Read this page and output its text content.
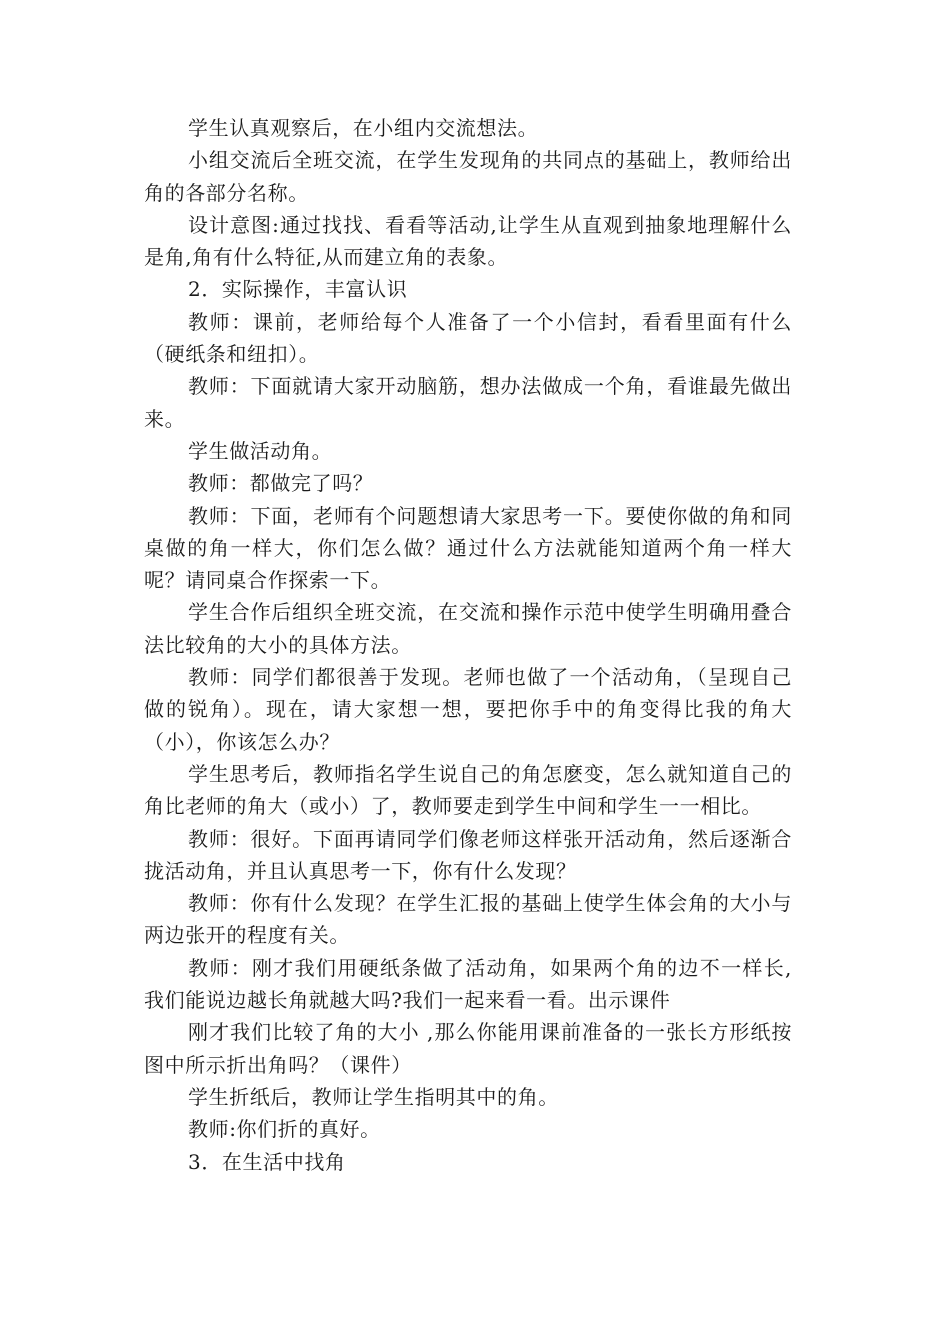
学生认真观察后，在小组内交流想法。

小组交流后全班交流，在学生发现角的共同点的基础上，教师给出角的各部分名称。

设计意图:通过找找、看看等活动,让学生从直观到抽象地理解什么是角,角有什么特征,从而建立角的表象。

2．实际操作，丰富认识

教师：课前，老师给每个人准备了一个小信封，看看里面有什么（硬纸条和纽扣）。

教师：下面就请大家开动脑筋，想办法做成一个角，看谁最先做出来。

学生做活动角。

教师：都做完了吗？

教师：下面，老师有个问题想请大家思考一下。要使你做的角和同桌做的角一样大，你们怎么做？通过什么方法就能知道两个角一样大呢？请同桌合作探索一下。

学生合作后组织全班交流，在交流和操作示范中使学生明确用叠合法比较角的大小的具体方法。

教师：同学们都很善于发现。老师也做了一个活动角，（呈现自己做的锐角）。现在，请大家想一想，要把你手中的角变得比我的角大（小），你该怎么办？

学生思考后，教师指名学生说自己的角怎麽变，怎么就知道自己的角比老师的角大（或小）了，教师要走到学生中间和学生一一相比。

教师：很好。下面再请同学们像老师这样张开活动角，然后逐渐合拢活动角，并且认真思考一下，你有什么发现？

教师：你有什么发现？在学生汇报的基础上使学生体会角的大小与两边张开的程度有关。

教师：刚才我们用硬纸条做了活动角，如果两个角的边不一样长,我们能说边越长角就越大吗?我们一起来看一看。出示课件

刚才我们比较了角的大小 ,那么你能用课前准备的一张长方形纸按图中所示折出角吗？（课件）

学生折纸后，教师让学生指明其中的角。

教师:你们折的真好。

3．在生活中找角
